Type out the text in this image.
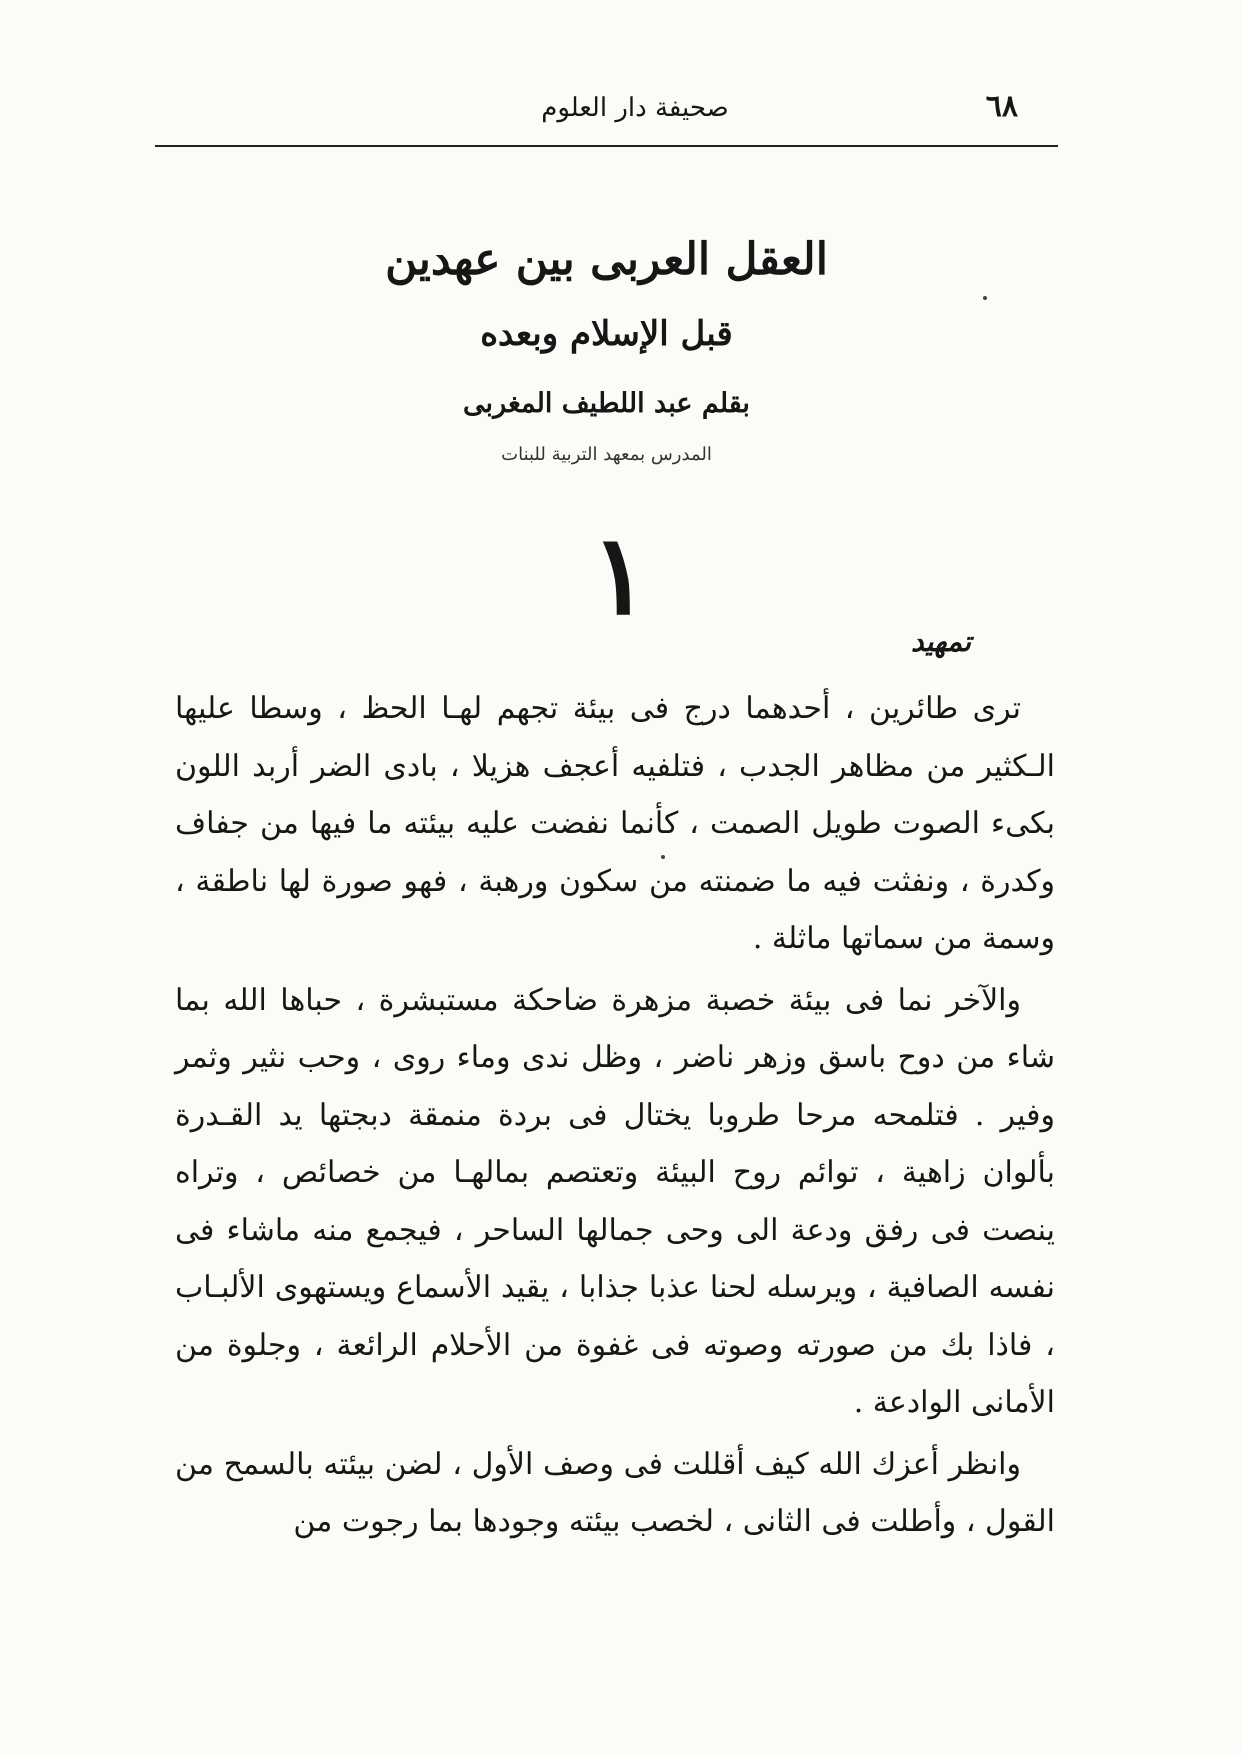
٦٨
صحيفة دار العلوم
العقل العربى بين عهدين
قبل الإسلام وبعده
بقلم عبد اللطيف المغربى
المدرس بمعهد التربية للبنات
١
تمهيد

ترى طائرين ، أحدهما درج فى بيئة تجهم لهـا الحظ ، وسطا عليها الـكثير من مظاهر الجدب ، فتلفيه أعجف هزيلا ، بادى الضر أربد اللون بكىء الصوت طويل الصمت ، كأنما نفضت عليه بيئته ما فيها من جفاف وكدرة ، ونفثت فيه ما ضمنته من سكون ورهبة ، فهو صورة لها ناطقة ، وسمة من سماتها ماثلة .

والآخر نما فى بيئة خصبة مزهرة ضاحكة مستبشرة ، حباها الله بما شاء من دوح باسق وزهر ناضر ، وظل ندى وماء روى ، وحب نثير وثمر وفير . فتلمحه مرحا طروبا يختال فى بردة منمقة دبجتها يد القـدرة بألوان زاهية ، توائم روح البيئة وتعتصم بمالهـا من خصائص ، وتراه ينصت فى رفق ودعة الى وحى جمالها الساحر ، فيجمع منه ماشاء فى نفسه الصافية ، ويرسله لحنا عذبا جذابا ، يقيد الأسماع ويستهوى الألبـاب ، فاذا بك من صورته وصوته فى غفوة من الأحلام الرائعة ، وجلوة من الأمانى الوادعة .

وانظر أعزك الله كيف أقللت فى وصف الأول ، لضن بيئته بالسمح من القول ، وأطلت فى الثانى ، لخصب بيئته وجودها بما رجوت من
